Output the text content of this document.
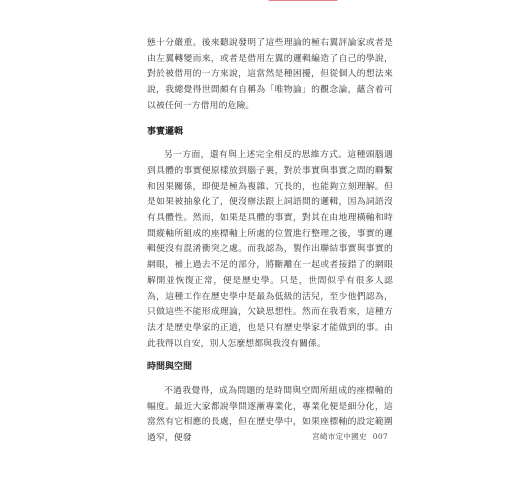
態十分嚴重。後來聽說發明了這些理論的極右翼評論家或者是由左翼轉變而來，或者是借用左翼的邏輯編造了自己的學說，對於被借用的一方來說，這當然是種困擾，但從個人的想法來說，我總覺得世間頗有自稱為「唯物論」的觀念論，蘊含着可以被任何一方借用的危險。

事實邏輯

另一方面，還有與上述完全相反的思維方式。這種頭腦遇到具體的事實便原樣放到腦子裏，對於事實與事實之間的聯繫和因果關係，即便是極為複雜、冗長的，也能夠立刻理解。但是如果被抽象化了，便沒辦法跟上詞語間的邏輯，因為詞語沒有具體性。然而，如果是具體的事實，對其在由地理橫軸和時間縱軸所組成的座標軸上所處的位置進行整理之後，事實的邏輯便沒有混淆衝突之處。而我認為，製作出聯結事實與事實的網眼，補上過去不足的部分，將斷離在一起或者接錯了的網眼解開並恢復正常，便是歷史學。只是，世間似乎有很多人認為，這種工作在歷史學中是最為低級的活兒，至少他們認為，只做這些不能形成理論，欠缺思想性。然而在我看來，這種方法才是歷史學家的正道，也是只有歷史學家才能做到的事。由此我得以自安，別人怎麼想都與我沒有關係。

時間與空間

不過我覺得，成為問題的是時間與空間所組成的座標軸的幅度。最近大家都說學問逐漸專業化，專業化便是細分化，這當然有它相應的長處，但在歷史學中，如果座標軸的設定範圍過窄，便發	宮崎市定中國史 007
